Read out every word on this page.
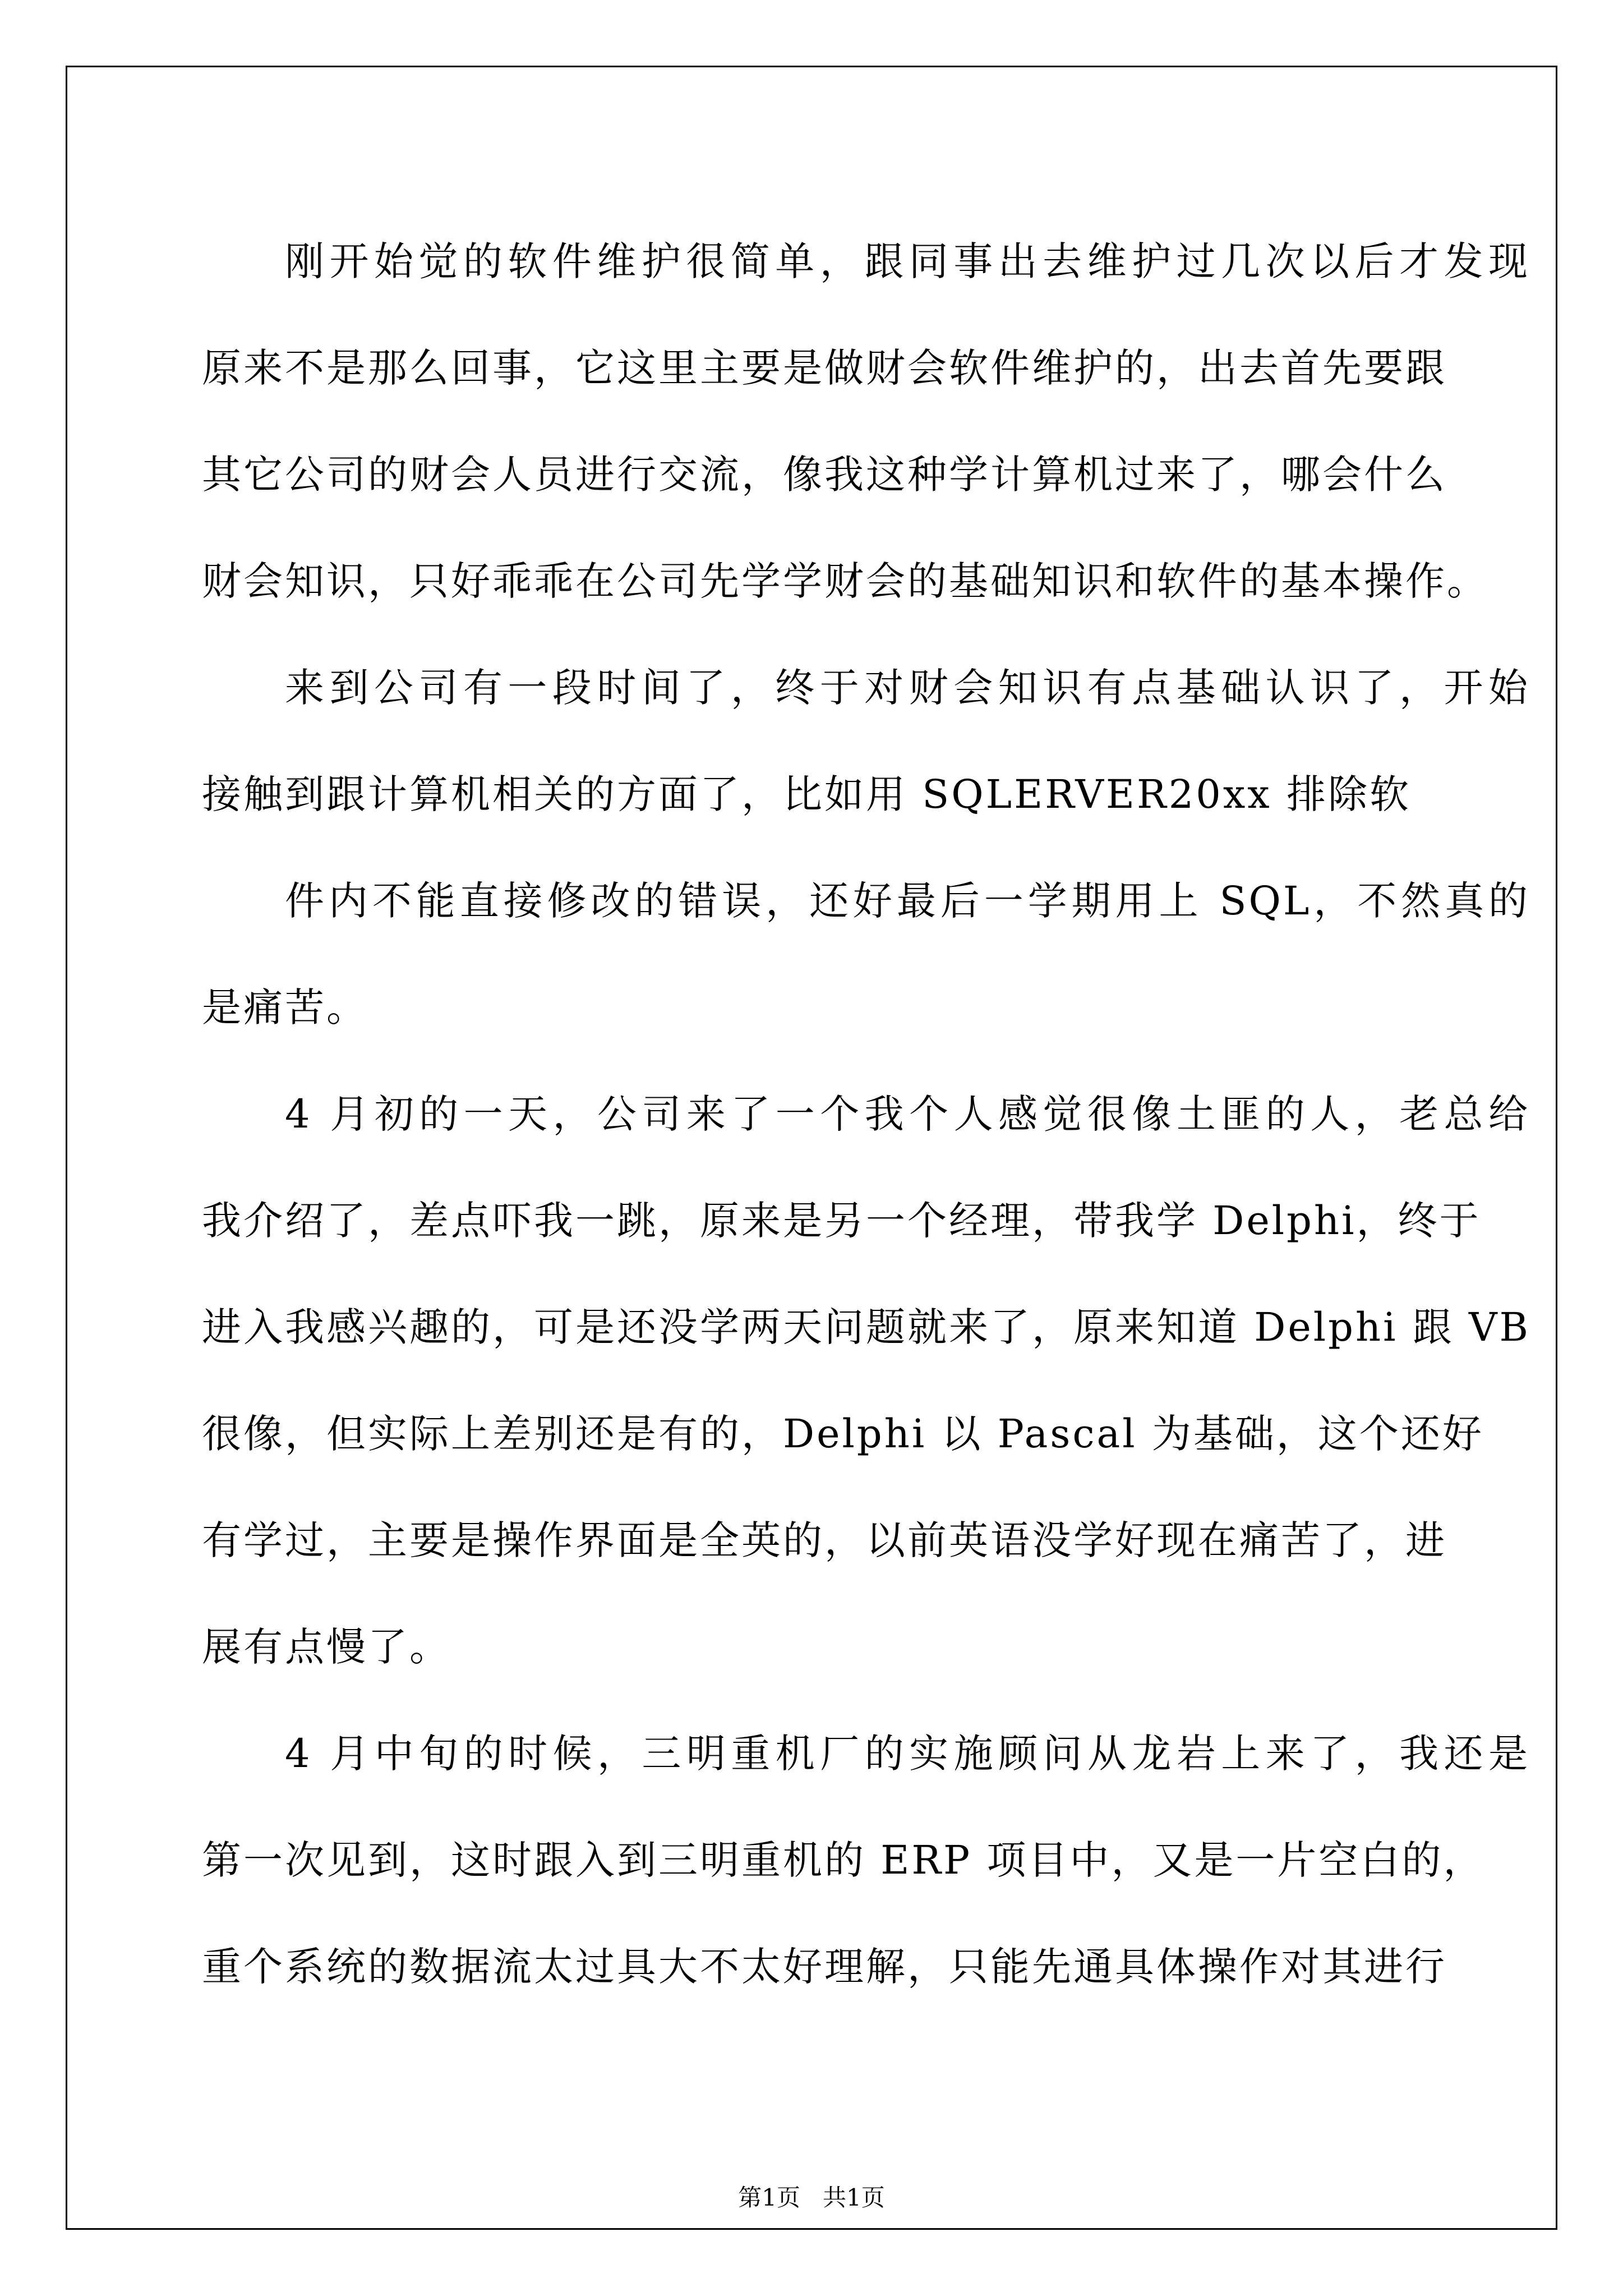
刚开始觉的软件维护很简单，跟同事出去维护过几次以后才发现
原来不是那么回事，它这里主要是做财会软件维护的，出去首先要跟
其它公司的财会人员进行交流，像我这种学计算机过来了，哪会什么
财会知识，只好乖乖在公司先学学财会的基础知识和软件的基本操作。
来到公司有一段时间了，终于对财会知识有点基础认识了，开始
接触到跟计算机相关的方面了，比如用 SQLERVER20xx 排除软
件内不能直接修改的错误，还好最后一学期用上 SQL，不然真的
是痛苦。
4 月初的一天，公司来了一个我个人感觉很像土匪的人，老总给
我介绍了，差点吓我一跳，原来是另一个经理，带我学 Delphi，终于
进入我感兴趣的，可是还没学两天问题就来了，原来知道 Delphi 跟 VB
很像，但实际上差别还是有的，Delphi 以 Pascal 为基础，这个还好
有学过，主要是操作界面是全英的，以前英语没学好现在痛苦了，进
展有点慢了。
4 月中旬的时候，三明重机厂的实施顾问从龙岩上来了，我还是
第一次见到，这时跟入到三明重机的 ERP 项目中，又是一片空白的，
重个系统的数据流太过具大不太好理解，只能先通具体操作对其进行
第1页 共1页
